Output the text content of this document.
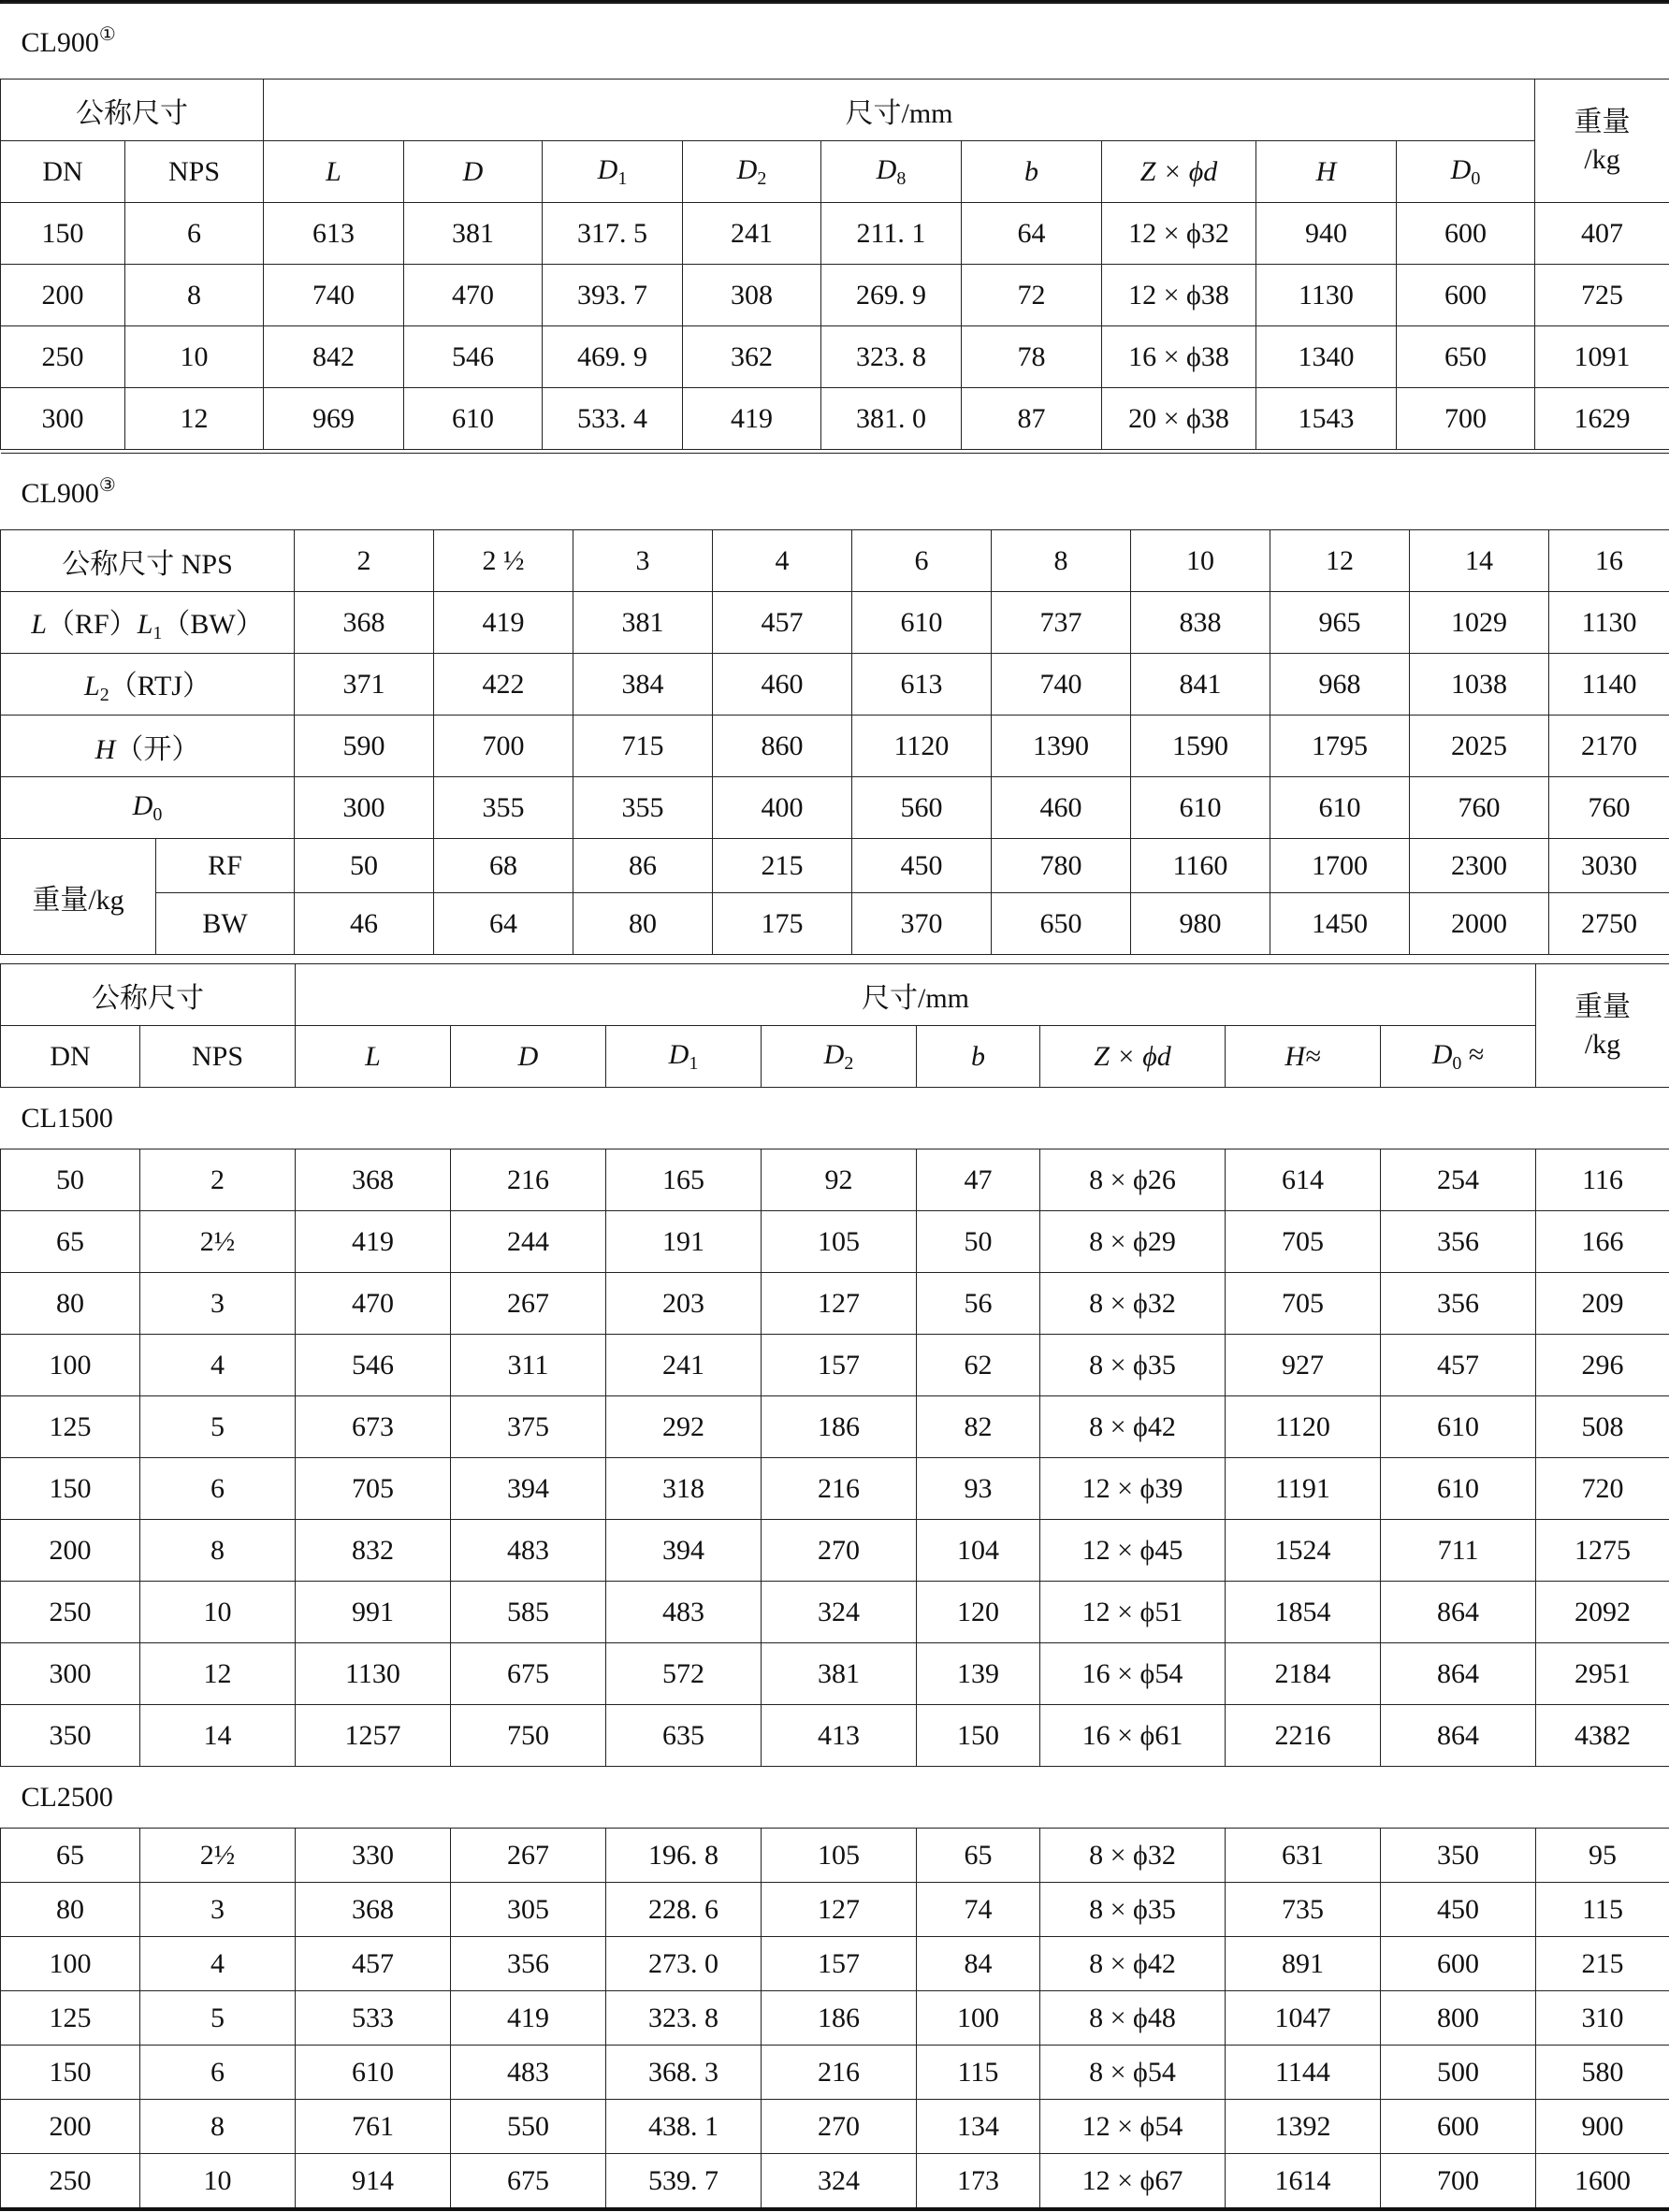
CL900①
公称尺寸		尺寸/mm									重量
/kg
DN	NPS	L	D	$D_1$	$D_2$	$D_8$	b	Z × ϕd	H	$D_0$
150	6	613	381	317. 5	241	211. 1	64	12 × ϕ32	940	600	407
200	8	740	470	393. 7	308	269. 9	72	12 × ϕ38	1130	600	725
250	10	842	546	469. 9	362	323. 8	78	16 × ϕ38	1340	650	1091
300	12	969	610	533. 4	419	381. 0	87	20 × ϕ38	1543	700	1629
CL900③
公称尺寸 NPS		2	2 ½	3	4	6	8	10	12	14	16
$L(RF)L_1(BW)$		368	419	381	457	610	737	838	965	1029	1130
$L_2(RTJ)$		371	422	384	460	613	740	841	968	1038	1140
H（开）		590	700	715	860	1120	1390	1590	1795	2025	2170
$D_0$		300	355	355	400	560	460	610	610	760	760
重量/kg	RF	50	68	86	215	450	780	1160	1700	2300	3030
	BW	46	64	80	175	370	650	980	1450	2000	2750
公称尺寸		尺寸/mm								重量
/kg
DN	NPS	L	D	$D_1$	$D_2$	b	Z × ϕd	H≈	$D_0$ ≈	
CL1500										
50	2	368	216	165	92	47	8 × ϕ26	614	254	116
65	2½	419	244	191	105	50	8 × ϕ29	705	356	166
80	3	470	267	203	127	56	8 × ϕ32	705	356	209
100	4	546	311	241	157	62	8 × ϕ35	927	457	296
125	5	673	375	292	186	82	8 × ϕ42	1120	610	508
150	6	705	394	318	216	93	12 × ϕ39	1191	610	720
200	8	832	483	394	270	104	12 × ϕ45	1524	711	1275
250	10	991	585	483	324	120	12 × ϕ51	1854	864	2092
300	12	1130	675	572	381	139	16 × ϕ54	2184	864	2951
350	14	1257	750	635	413	150	16 × ϕ61	2216	864	4382
CL2500										
65	2½	330	267	196. 8	105	65	8 × ϕ32	631	350	95
80	3	368	305	228. 6	127	74	8 × ϕ35	735	450	115
100	4	457	356	273. 0	157	84	8 × ϕ42	891	600	215
125	5	533	419	323. 8	186	100	8 × ϕ48	1047	800	310
150	6	610	483	368. 3	216	115	8 × ϕ54	1144	500	580
200	8	761	550	438. 1	270	134	12 × ϕ54	1392	600	900
250	10	914	675	539. 7	324	173	12 × ϕ67	1614	700	1600
